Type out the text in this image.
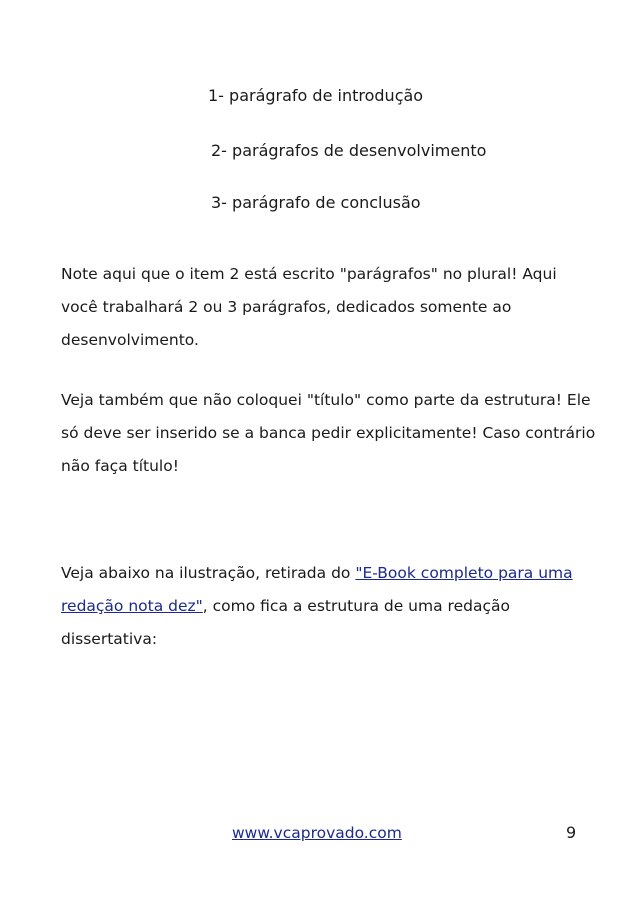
1- parágrafo de introdução

2- parágrafos de desenvolvimento

3- parágrafo de conclusão

Note aqui que o item 2 está escrito "parágrafos" no plural! Aqui

você trabalhará 2 ou 3 parágrafos, dedicados somente ao

desenvolvimento.

Veja também que não coloquei "título" como parte da estrutura! Ele

só deve ser inserido se a banca pedir explicitamente! Caso contrário

não faça título!

Veja abaixo na ilustração, retirada do "E-Book completo para uma

redação nota dez", como fica a estrutura de uma redação

dissertativa:

www.vcaprovado.com	9
